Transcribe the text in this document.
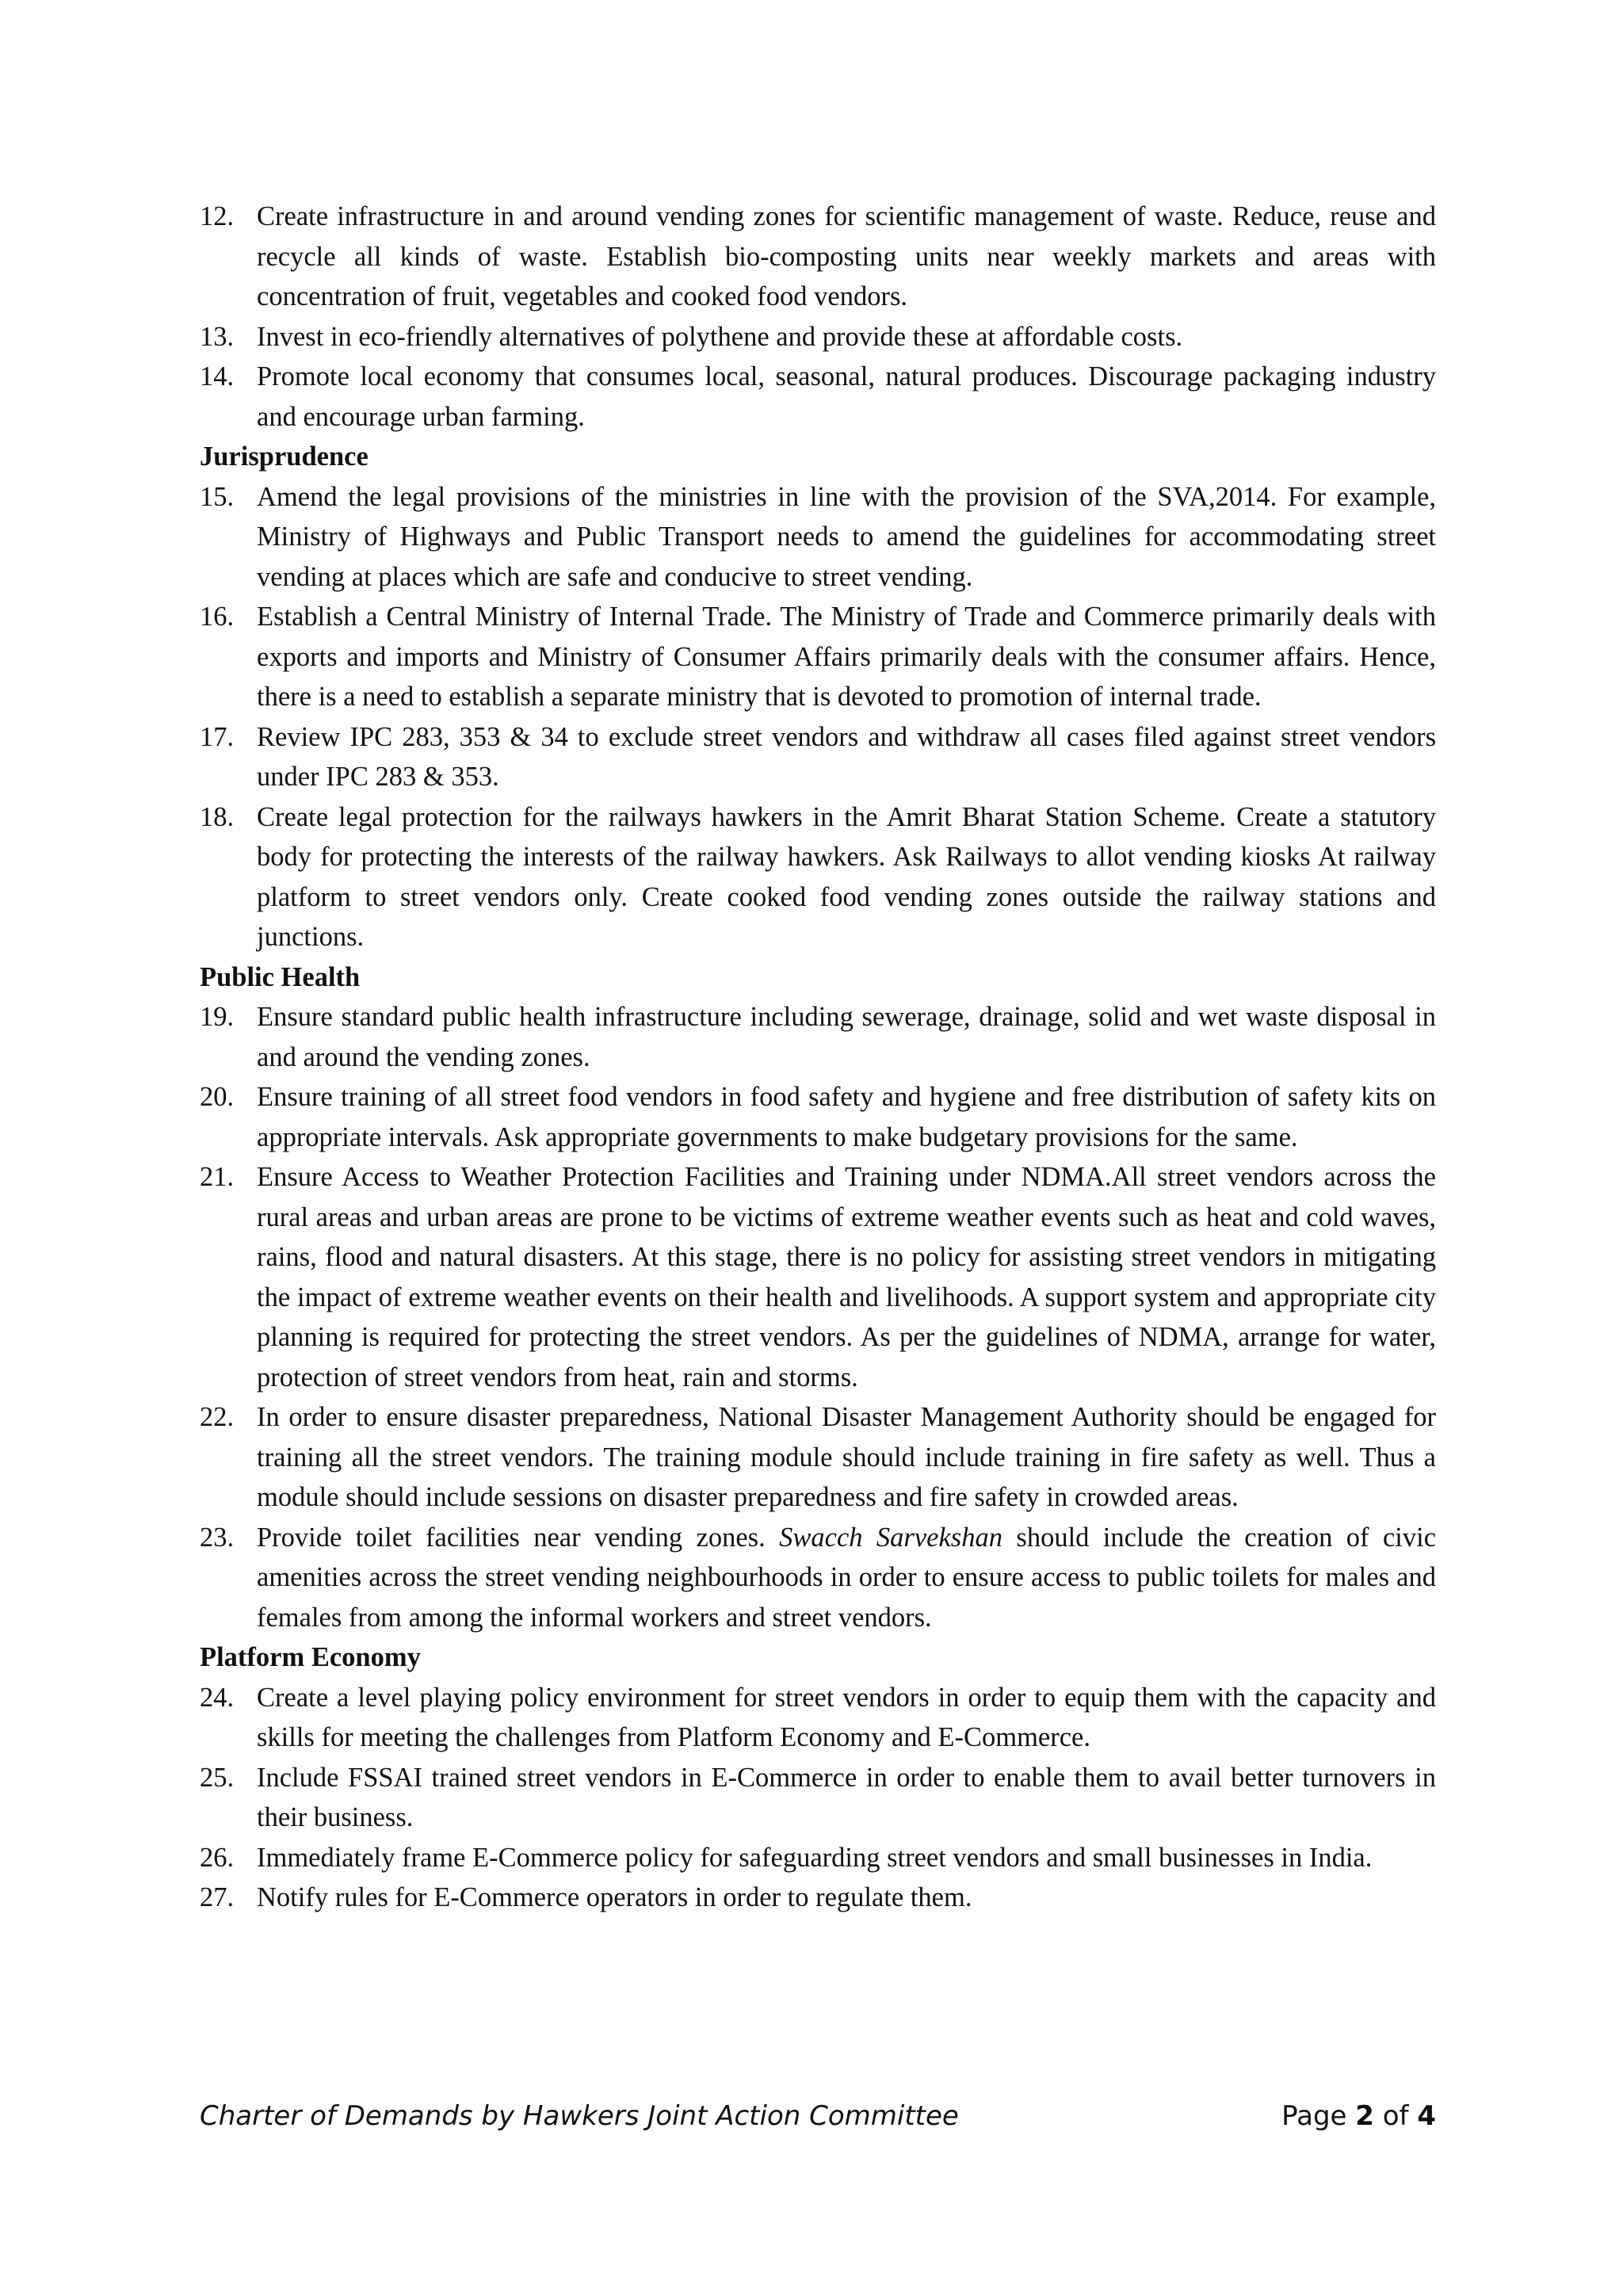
12. Create infrastructure in and around vending zones for scientific management of waste. Reduce, reuse and recycle all kinds of waste. Establish bio-composting units near weekly markets and areas with concentration of fruit, vegetables and cooked food vendors.
13. Invest in eco-friendly alternatives of polythene and provide these at affordable costs.
14. Promote local economy that consumes local, seasonal, natural produces. Discourage packaging industry and encourage urban farming.
Jurisprudence
15. Amend the legal provisions of the ministries in line with the provision of the SVA,2014. For example, Ministry of Highways and Public Transport needs to amend the guidelines for accommodating street vending at places which are safe and conducive to street vending.
16. Establish a Central Ministry of Internal Trade. The Ministry of Trade and Commerce primarily deals with exports and imports and Ministry of Consumer Affairs primarily deals with the consumer affairs. Hence, there is a need to establish a separate ministry that is devoted to promotion of internal trade.
17. Review IPC 283, 353 & 34 to exclude street vendors and withdraw all cases filed against street vendors under IPC 283 & 353.
18. Create legal protection for the railways hawkers in the Amrit Bharat Station Scheme. Create a statutory body for protecting the interests of the railway hawkers. Ask Railways to allot vending kiosks At railway platform to street vendors only. Create cooked food vending zones outside the railway stations and junctions.
Public Health
19. Ensure standard public health infrastructure including sewerage, drainage, solid and wet waste disposal in and around the vending zones.
20. Ensure training of all street food vendors in food safety and hygiene and free distribution of safety kits on appropriate intervals. Ask appropriate governments to make budgetary provisions for the same.
21. Ensure Access to Weather Protection Facilities and Training under NDMA.All street vendors across the rural areas and urban areas are prone to be victims of extreme weather events such as heat and cold waves, rains, flood and natural disasters. At this stage, there is no policy for assisting street vendors in mitigating the impact of extreme weather events on their health and livelihoods. A support system and appropriate city planning is required for protecting the street vendors. As per the guidelines of NDMA, arrange for water, protection of street vendors from heat, rain and storms.
22. In order to ensure disaster preparedness, National Disaster Management Authority should be engaged for training all the street vendors. The training module should include training in fire safety as well. Thus a module should include sessions on disaster preparedness and fire safety in crowded areas.
23. Provide toilet facilities near vending zones. Swacch Sarvekshan should include the creation of civic amenities across the street vending neighbourhoods in order to ensure access to public toilets for males and females from among the informal workers and street vendors.
Platform Economy
24. Create a level playing policy environment for street vendors in order to equip them with the capacity and skills for meeting the challenges from Platform Economy and E-Commerce.
25. Include FSSAI trained street vendors in E-Commerce in order to enable them to avail better turnovers in their business.
26. Immediately frame E-Commerce policy for safeguarding street vendors and small businesses in India.
27. Notify rules for E-Commerce operators in order to regulate them.
Charter of Demands by Hawkers Joint Action Committee	Page 2 of 4
